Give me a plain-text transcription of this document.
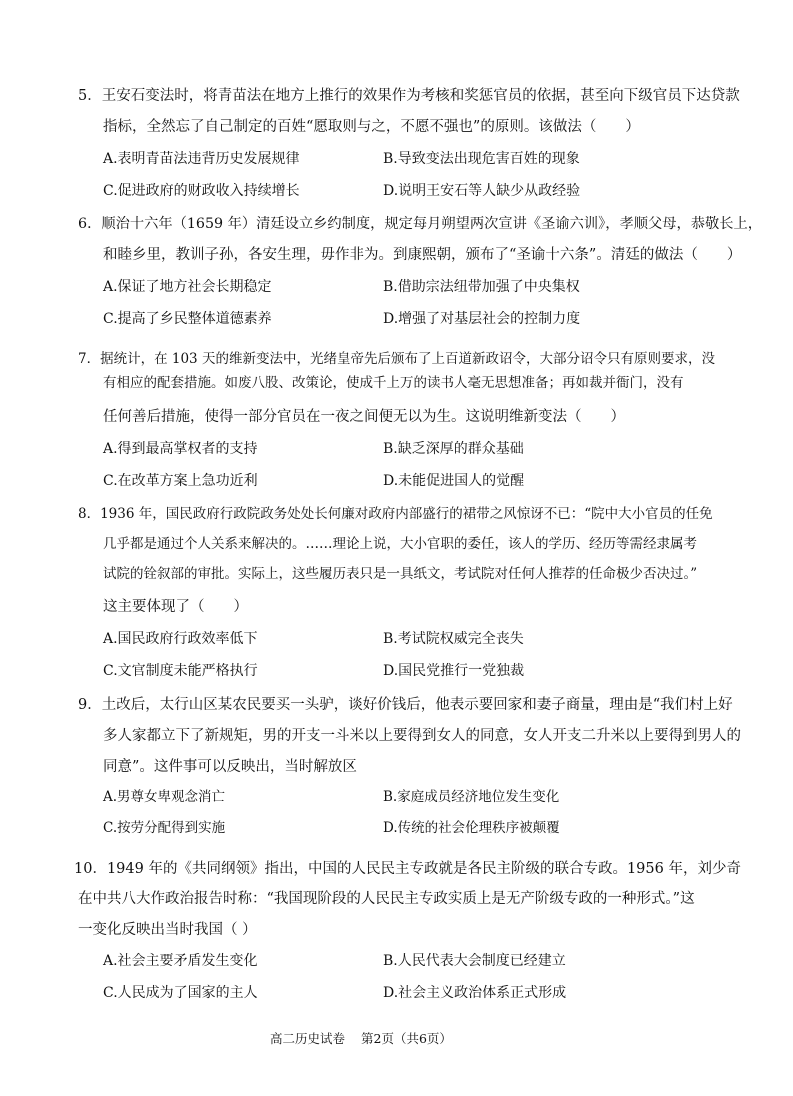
5．王安石变法时，将青苗法在地方上推行的效果作为考核和奖惩官员的依据，甚至向下级官员下达贷款
指标，全然忘了自己制定的百姓“愿取则与之，不愿不强也”的原则。该做法（　　）
A.表明青苗法违背历史发展规律	B.导致变法出现危害百姓的现象
C.促进政府的财政收入持续增长	D.说明王安石等人缺少从政经验
6．顺治十六年（1659 年）清廷设立乡约制度，规定每月朔望两次宣讲《圣谕六训》，孝顺父母，恭敬长上，
和睦乡里，教训子孙，各安生理，毋作非为。到康熙朝，颁布了“圣谕十六条”。清廷的做法（　　）
A.保证了地方社会长期稳定	B.借助宗法纽带加强了中央集权
C.提高了乡民整体道德素养	D.增强了对基层社会的控制力度
7．据统计，在 103 天的维新变法中，光绪皇帝先后颁布了上百道新政诏令，大部分诏令只有原则要求，没
有相应的配套措施。如废八股、改策论，使成千上万的读书人毫无思想准备；再如裁并衙门，没有
任何善后措施，使得一部分官员在一夜之间便无以为生。这说明维新变法（　　）
A.得到最高掌权者的支持	B.缺乏深厚的群众基础
C.在改革方案上急功近利	D.未能促进国人的觉醒
8．1936 年，国民政府行政院政务处处长何廉对政府内部盛行的裙带之风惊讶不已：“院中大小官员的任免
几乎都是通过个人关系来解决的。……理论上说，大小官职的委任，该人的学历、经历等需经隶属考
试院的铨叙部的审批。实际上，这些履历表只是一具纸文，考试院对任何人推荐的任命极少否决过。”
这主要体现了（　　）
A.国民政府行政效率低下	B.考试院权威完全丧失
C.文官制度未能严格执行	D.国民党推行一党独裁
9．土改后，太行山区某农民要买一头驴，谈好价钱后，他表示要回家和妻子商量，理由是“我们村上好
多人家都立下了新规矩，男的开支一斗米以上要得到女人的同意，女人开支二升米以上要得到男人的
同意”。这件事可以反映出，当时解放区
A.男尊女卑观念消亡	B.家庭成员经济地位发生变化
C.按劳分配得到实施	D.传统的社会伦理秩序被颠覆
10．1949 年的《共同纲领》指出，中国的人民民主专政就是各民主阶级的联合专政。1956 年，刘少奇
在中共八大作政治报告时称：“我国现阶段的人民民主专政实质上是无产阶级专政的一种形式。”这
一变化反映出当时我国（ ）
A.社会主要矛盾发生变化	B.人民代表大会制度已经建立
C.人民成为了国家的主人	D.社会主义政治体系正式形成
高二历史试卷 第2页（共6页）
